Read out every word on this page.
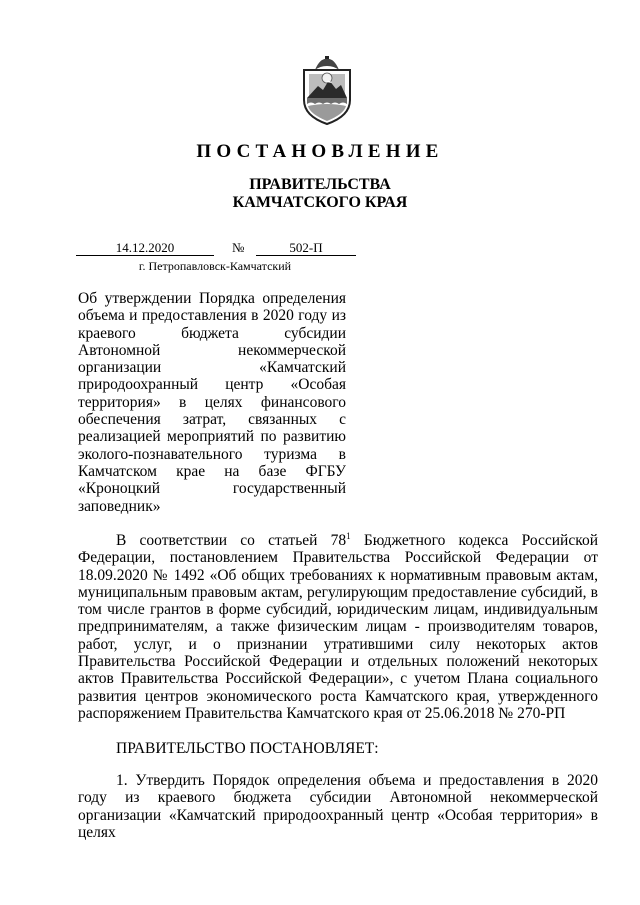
ПОСТАНОВЛЕНИЕ
ПРАВИТЕЛЬСТВА
КАМЧАТСКОГО КРАЯ
14.12.2020	№	502-П
г. Петропавловск-Камчатский
Об утверждении Порядка определения объема и предоставления в 2020 году из краевого бюджета субсидии Автономной некоммерческой организации «Камчатский природоохранный центр «Особая территория» в целях финансового обеспечения затрат, связанных с реализацией мероприятий по развитию эколого-познавательного туризма в Камчатском крае на базе ФГБУ «Кроноцкий государственный заповедник»
В соответствии со статьей $78^1$ Бюджетного кодекса Российской Федерации, постановлением Правительства Российской Федерации от 18.09.2020 № 1492 «Об общих требованиях к нормативным правовым актам, муниципальным правовым актам, регулирующим предоставление субсидий, в том числе грантов в форме субсидий, юридическим лицам, индивидуальным предпринимателям, а также физическим лицам - производителям товаров, работ, услуг, и о признании утратившими силу некоторых актов Правительства Российской Федерации и отдельных положений некоторых актов Правительства Российской Федерации», с учетом Плана социального развития центров экономического роста Камчатского края, утвержденного распоряжением Правительства Камчатского края от 25.06.2018 № 270-РП
ПРАВИТЕЛЬСТВО ПОСТАНОВЛЯЕТ:
1. Утвердить Порядок определения объема и предоставления в 2020 году из краевого бюджета субсидии Автономной некоммерческой организации «Камчатский природоохранный центр «Особая территория» в целях
